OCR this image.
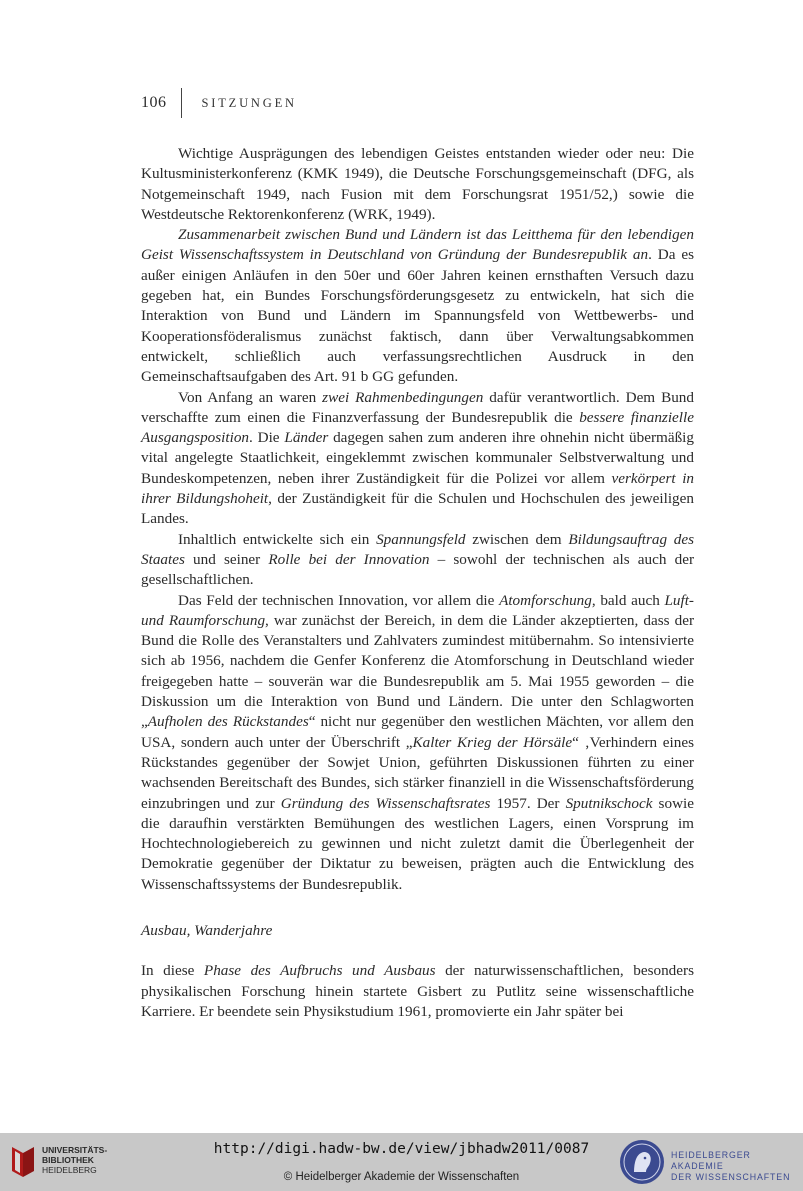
106	SITZUNGEN

Wichtige Ausprägungen des lebendigen Geistes entstanden wieder oder neu: Die Kultusministerkonferenz (KMK 1949), die Deutsche Forschungsgemeinschaft (DFG, als Notgemeinschaft 1949, nach Fusion mit dem Forschungsrat 1951/52,) sowie die Westdeutsche Rektorenkonferenz (WRK, 1949).

Zusammenarbeit zwischen Bund und Ländern ist das Leitthema für den lebendigen Geist Wissenschaftssystem in Deutschland von Gründung der Bundesrepublik an. Da es außer einigen Anläufen in den 50er und 60er Jahren keinen ernsthaften Versuch dazu gegeben hat, ein Bundes Forschungsförderungsgesetz zu entwickeln, hat sich die Interaktion von Bund und Ländern im Spannungsfeld von Wettbewerbs- und Kooperationsföderalismus zunächst faktisch, dann über Verwaltungsabkommen entwickelt, schließlich auch verfassungsrechtlichen Ausdruck in den Gemeinschaftsaufgaben des Art. 91 b GG gefunden.

Von Anfang an waren zwei Rahmenbedingungen dafür verantwortlich. Dem Bund verschaffte zum einen die Finanzverfassung der Bundesrepublik die bessere finanzielle Ausgangsposition. Die Länder dagegen sahen zum anderen ihre ohnehin nicht übermäßig vital angelegte Staatlichkeit, eingeklemmt zwischen kommunaler Selbstverwaltung und Bundeskompetenzen, neben ihrer Zuständigkeit für die Polizei vor allem verkörpert in ihrer Bildungshoheit, der Zuständigkeit für die Schulen und Hochschulen des jeweiligen Landes.

Inhaltlich entwickelte sich ein Spannungsfeld zwischen dem Bildungsauftrag des Staates und seiner Rolle bei der Innovation – sowohl der technischen als auch der gesellschaftlichen.

Das Feld der technischen Innovation, vor allem die Atomforschung, bald auch Luft- und Raumforschung, war zunächst der Bereich, in dem die Länder akzeptierten, dass der Bund die Rolle des Veranstalters und Zahlvaters zumindest mitübernahm. So intensivierte sich ab 1956, nachdem die Genfer Konferenz die Atomforschung in Deutschland wieder freigegeben hatte – souverän war die Bundesrepublik am 5. Mai 1955 geworden – die Diskussion um die Interaktion von Bund und Ländern. Die unter den Schlagworten „Aufholen des Rückstandes“ nicht nur gegenüber den westlichen Mächten, vor allem den USA, sondern auch unter der Überschrift „Kalter Krieg der Hörsäle“ ‚Verhindern eines Rückstandes gegenüber der Sowjet Union, geführten Diskussionen führten zu einer wachsenden Bereitschaft des Bundes, sich stärker finanziell in die Wissenschaftsförderung einzubringen und zur Gründung des Wissenschaftsrates 1957. Der Sputnikschock sowie die daraufhin verstärkten Bemühungen des westlichen Lagers, einen Vorsprung im Hochtechnologiebereich zu gewinnen und nicht zuletzt damit die Überlegenheit der Demokratie gegenüber der Diktatur zu beweisen, prägten auch die Entwicklung des Wissenschaftssystems der Bundesrepublik.

Ausbau, Wanderjahre

In diese Phase des Aufbruchs und Ausbaus der naturwissenschaftlichen, besonders physikalischen Forschung hinein startete Gisbert zu Putlitz seine wissenschaftliche Karriere. Er beendete sein Physikstudium 1961, promovierte ein Jahr später bei

UNIVERSITÄTS-
BIBLIOTHEK
HEIDELBERG
http://digi.hadw-bw.de/view/jbhadw2011/0087
© Heidelberger Akademie der Wissenschaften
HEIDELBERGER AKADEMIE
DER WISSENSCHAFTEN
